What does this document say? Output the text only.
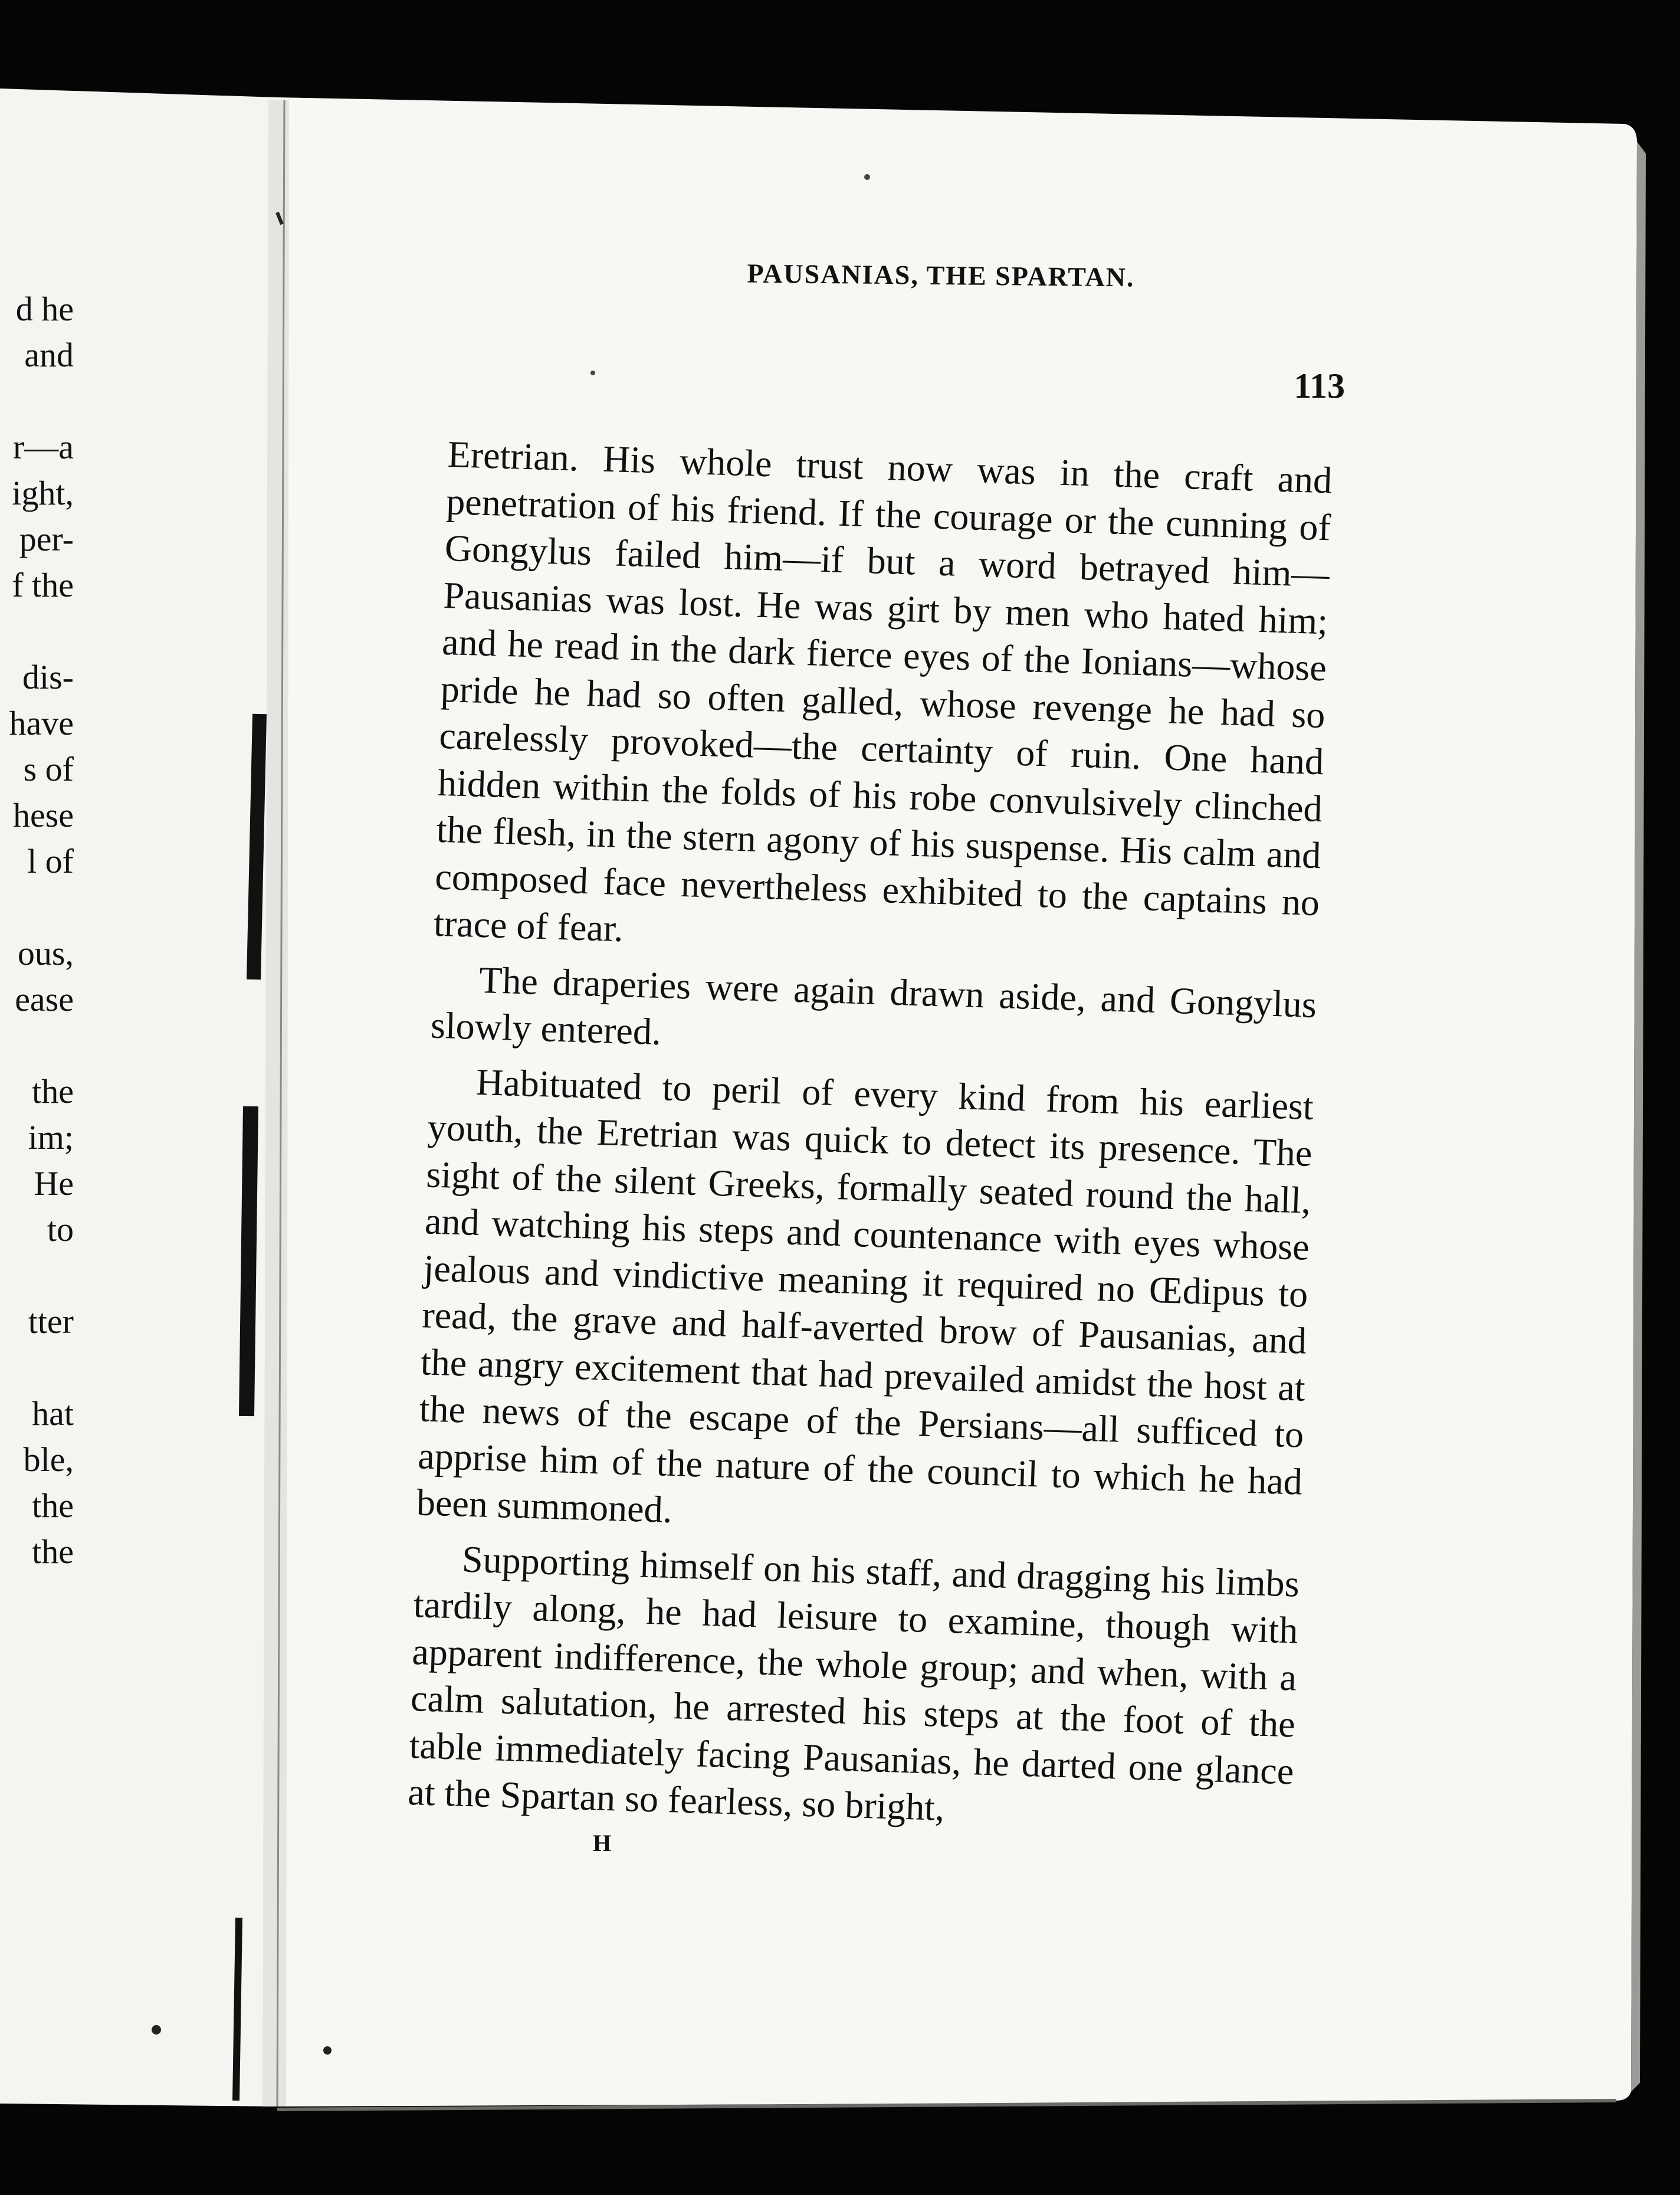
d he
and
r—a
ight,
per-
f the
dis-
have
s of
hese
l of
ous,
ease
the
im;
He
to
tter
hat
ble,
the
the
PAUSANIAS, THE SPARTAN.
113

Eretrian. His whole trust now was in the craft and penetration of his friend. If the courage or the cunning of Gongylus failed him—if but a word betrayed him—Pausanias was lost. He was girt by men who hated him; and he read in the dark fierce eyes of the Ionians—whose pride he had so often galled, whose revenge he had so carelessly provoked—the certainty of ruin. One hand hidden within the folds of his robe convulsively clinched the flesh, in the stern agony of his suspense. His calm and composed face nevertheless exhibited to the captains no trace of fear.

The draperies were again drawn aside, and Gongylus slowly entered.

Habituated to peril of every kind from his earliest youth, the Eretrian was quick to detect its presence. The sight of the silent Greeks, formally seated round the hall, and watching his steps and countenance with eyes whose jealous and vindictive meaning it required no Œdipus to read, the grave and half-averted brow of Pausanias, and the angry excitement that had prevailed amidst the host at the news of the escape of the Persians—all sufficed to apprise him of the nature of the council to which he had been summoned.

Supporting himself on his staff, and dragging his limbs tardily along, he had leisure to examine, though with apparent indifference, the whole group; and when, with a calm salutation, he arrested his steps at the foot of the table immediately facing Pausanias, he darted one glance at the Spartan so fearless, so bright,

H
